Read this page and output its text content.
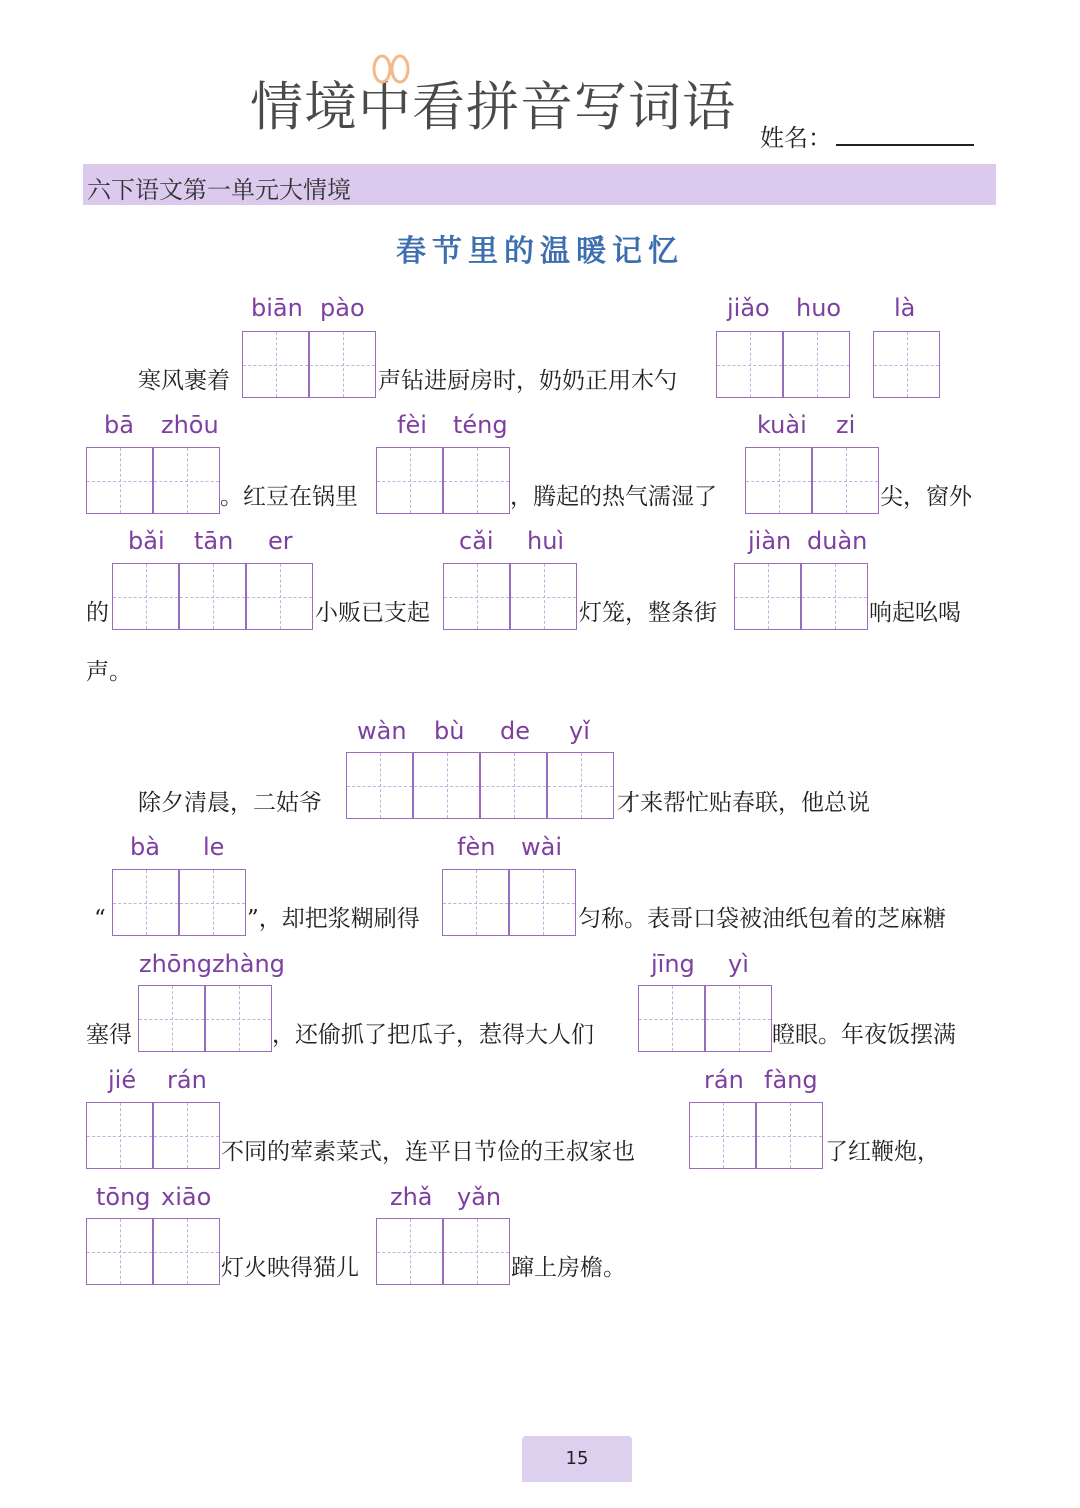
情境中看拼音写词语	姓名：
六下语文第一单元大情境
春节里的温暖记忆
biān pào	jiǎo huo là
寒风裹着	声钻进厨房时，奶奶正用木勺
bā zhōu	fèi téng	kuài zi
。红豆在锅里	，腾起的热气濡湿了	尖，窗外
bǎi tān er	cǎi huì	jiàn duàn
的	小贩已支起	灯笼，整条街	响起吆喝
声。
wàn bù de yǐ
除夕清晨，二姑爷	才来帮忙贴春联，他总说
bà le	fèn wài
“	”，却把浆糊刷得	匀称。表哥口袋被油纸包着的芝麻糖
zhōngzhàng	jīng yì
塞得	，还偷抓了把瓜子，惹得大人们	瞪眼。年夜饭摆满
jié rán	rán fàng
不同的荤素菜式，连平日节俭的王叔家也	了红鞭炮，
tōng xiāo	zhǎ yǎn
灯火映得猫儿	蹿上房檐。
15
